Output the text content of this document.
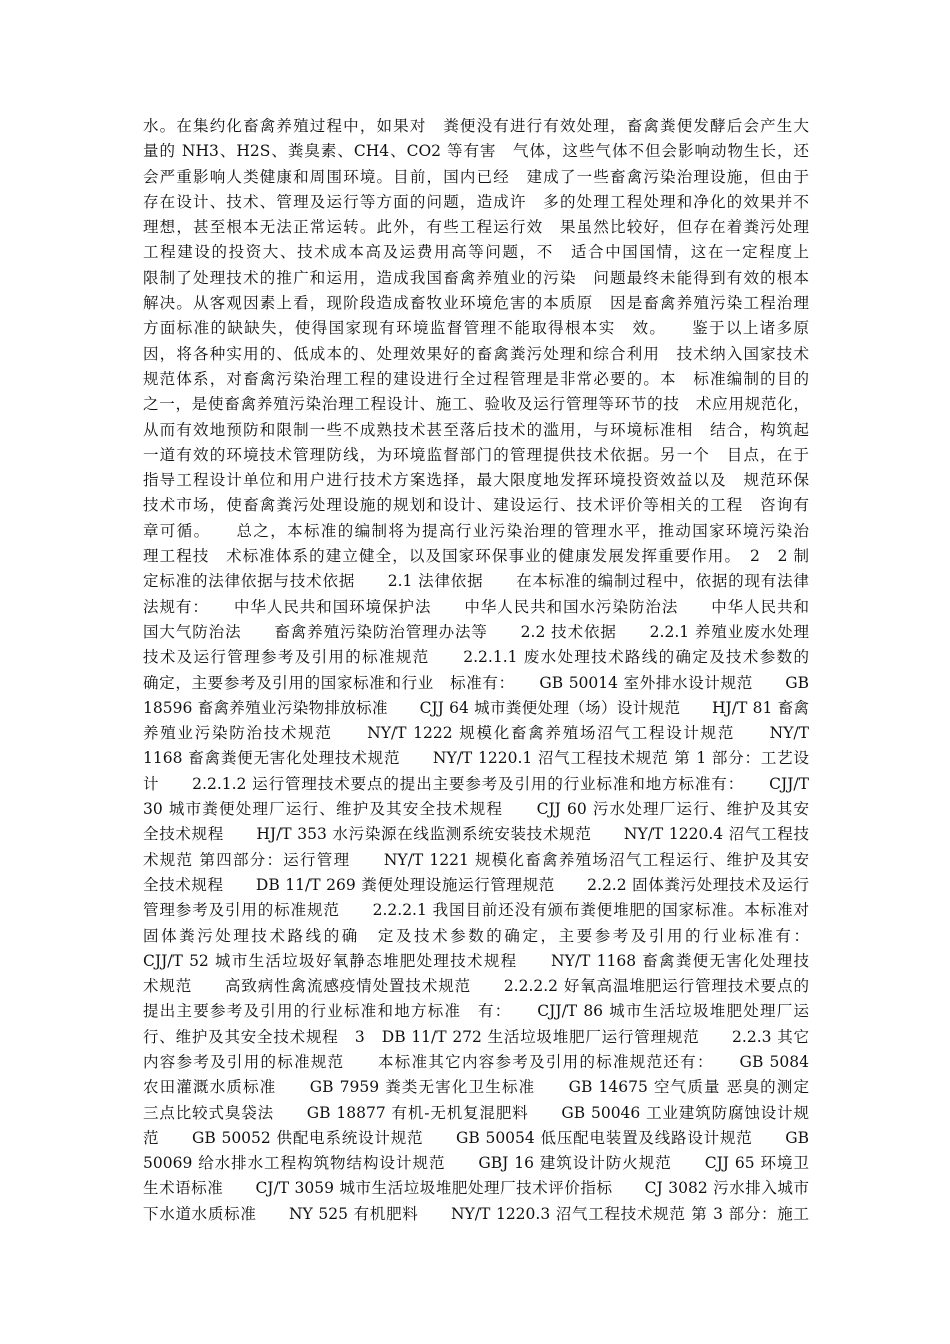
水。在集约化畜禽养殖过程中，如果对　粪便没有进行有效处理，畜禽粪便发酵后会产生大
量的 NH3、H2S、粪臭素、CH4、CO2 等有害　气体，这些气体不但会影响动物生长，还
会严重影响人类健康和周围环境。目前，国内已经　建成了一些畜禽污染治理设施，但由于
存在设计、技术、管理及运行等方面的问题，造成许　多的处理工程处理和净化的效果并不
理想，甚至根本无法正常运转。此外，有些工程运行效　果虽然比较好，但存在着粪污处理
工程建设的投资大、技术成本高及运费用高等问题，不　适合中国国情，这在一定程度上
限制了处理技术的推广和运用，造成我国畜禽养殖业的污染　问题最终未能得到有效的根本
解决。从客观因素上看，现阶段造成畜牧业环境危害的本质原　因是畜禽养殖污染工程治理
方面标准的缺缺失，使得国家现有环境监督管理不能取得根本实　效。　　鉴于以上诸多原
因，将各种实用的、低成本的、处理效果好的畜禽粪污处理和综合利用　技术纳入国家技术
规范体系，对畜禽污染治理工程的建设进行全过程管理是非常必要的。本　标准编制的目的
之一，是使畜禽养殖污染治理工程设计、施工、验收及运行管理等环节的技　术应用规范化，
从而有效地预防和限制一些不成熟技术甚至落后技术的滥用，与环境标准相　结合，构筑起
一道有效的环境技术管理防线，为环境监督部门的管理提供技术依据。另一个　目点，在于
指导工程设计单位和用户进行技术方案选择，最大限度地发挥环境投资效益以及　规范环保
技术市场，使畜禽粪污处理设施的规划和设计、建设运行、技术评价等相关的工程　咨询有
章可循。　　总之，本标准的编制将为提高行业污染治理的管理水平，推动国家环境污染治
理工程技　术标准体系的建立健全，以及国家环保事业的健康发展发挥重要作用。　2　2 制
定标准的法律依据与技术依据　　2.1 法律依据　　在本标准的编制过程中，依据的现有法律
法规有：　　中华人民共和国环境保护法　　中华人民共和国水污染防治法　　中华人民共和
国大气防治法　　畜禽养殖污染防治管理办法等　　2.2 技术依据　　2.2.1 养殖业废水处理
技术及运行管理参考及引用的标准规范　　2.2.1.1 废水处理技术路线的确定及技术参数的
确定，主要参考及引用的国家标准和行业　标准有：　　GB 50014 室外排水设计规范　　GB
18596 畜禽养殖业污染物排放标准　　CJJ 64 城市粪便处理（场）设计规范　　HJ/T 81 畜禽
养殖业污染防治技术规范　　NY/T 1222 规模化畜禽养殖场沼气工程设计规范　　NY/T
1168 畜禽粪便无害化处理技术规范　　NY/T 1220.1 沼气工程技术规范 第 1 部分：工艺设
计　　2.2.1.2 运行管理技术要点的提出主要参考及引用的行业标准和地方标准有：　　CJJ/T
30 城市粪便处理厂运行、维护及其安全技术规程　　CJJ 60 污水处理厂运行、维护及其安
全技术规程　　HJ/T 353 水污染源在线监测系统安装技术规范　　NY/T 1220.4 沼气工程技
术规范 第四部分：运行管理　　NY/T 1221 规模化畜禽养殖场沼气工程运行、维护及其安
全技术规程　　DB 11/T 269 粪便处理设施运行管理规范　　2.2.2 固体粪污处理技术及运行
管理参考及引用的标准规范　　2.2.2.1 我国目前还没有颁布粪便堆肥的国家标准。本标准对
固体粪污处理技术路线的确　定及技术参数的确定，主要参考及引用的行业标准有：
CJJ/T 52 城市生活垃圾好氧静态堆肥处理技术规程　　NY/T 1168 畜禽粪便无害化处理技
术规范　　高致病性禽流感疫情处置技术规范　　2.2.2.2 好氧高温堆肥运行管理技术要点的
提出主要参考及引用的行业标准和地方标准　有：　　CJJ/T 86 城市生活垃圾堆肥处理厂运
行、维护及其安全技术规程　3　DB 11/T 272 生活垃圾堆肥厂运行管理规范　　2.2.3 其它
内容参考及引用的标准规范　　本标准其它内容参考及引用的标准规范还有：　　GB 5084
农田灌溉水质标准　　GB 7959 粪类无害化卫生标准　　GB 14675 空气质量 恶臭的测定
三点比较式臭袋法　　GB 18877 有机-无机复混肥料　　GB 50046 工业建筑防腐蚀设计规
范　　GB 50052 供配电系统设计规范　　GB 50054 低压配电装置及线路设计规范　　GB
50069 给水排水工程构筑物结构设计规范　　GBJ 16 建筑设计防火规范　　CJJ 65 环境卫
生术语标准　　CJ/T 3059 城市生活垃圾堆肥处理厂技术评价指标　　CJ 3082 污水排入城市
下水道水质标准　　NY 525 有机肥料　　NY/T 1220.3 沼气工程技术规范 第 3 部分：施工
